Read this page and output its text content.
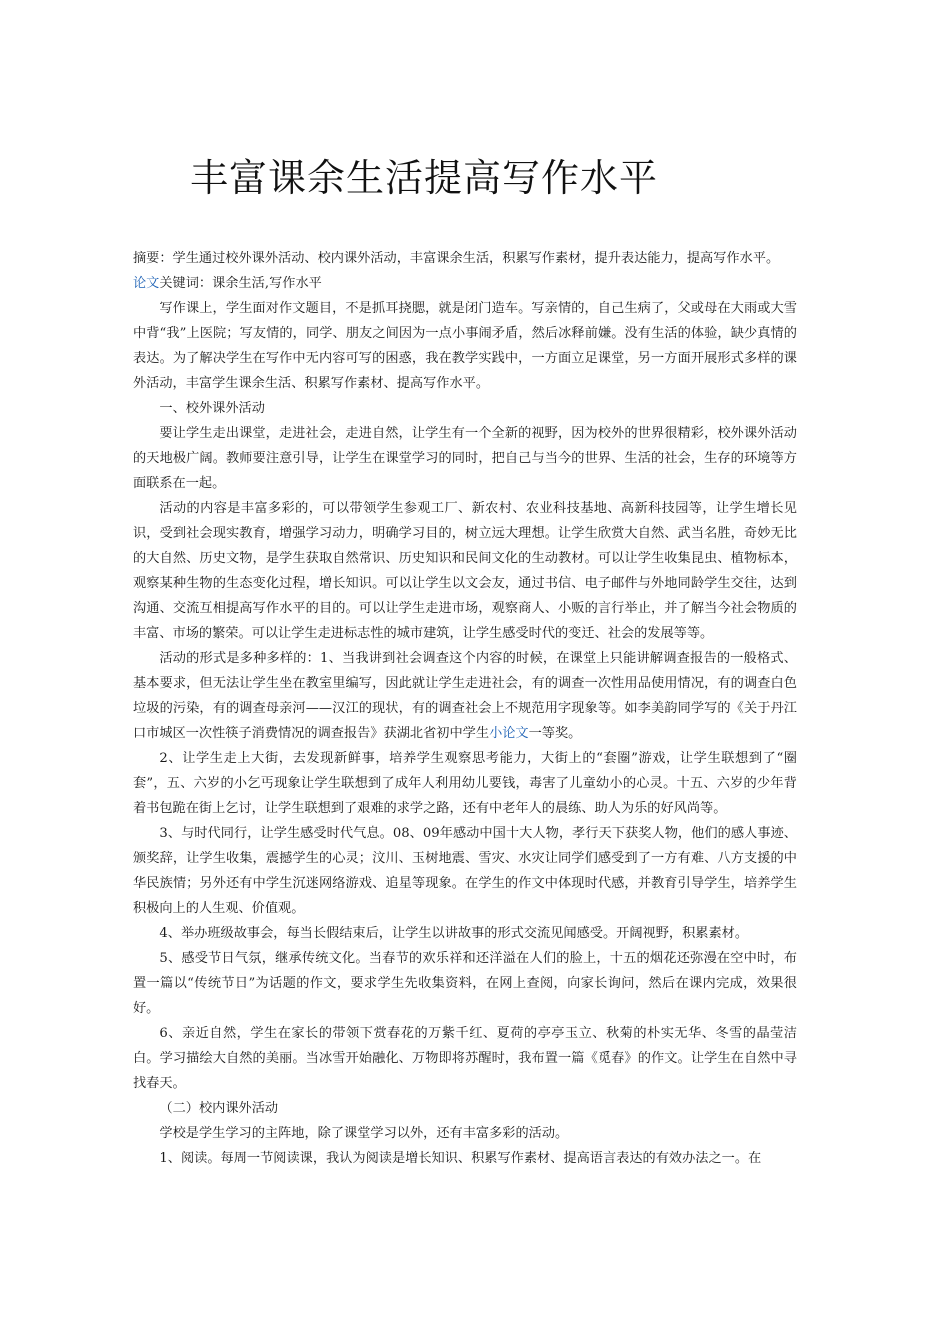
丰富课余生活提高写作水平

摘要：学生通过校外课外活动、校内课外活动，丰富课余生活，积累写作素材，提升表达能力，提高写作水平。

论文关键词：课余生活,写作水平

写作课上，学生面对作文题目，不是抓耳挠腮，就是闭门造车。写亲情的，自己生病了，父或母在大雨或大雪中背“我”上医院；写友情的，同学、朋友之间因为一点小事闹矛盾，然后冰释前嫌。没有生活的体验，缺少真情的表达。为了解决学生在写作中无内容可写的困惑，我在教学实践中，一方面立足课堂，另一方面开展形式多样的课外活动，丰富学生课余生活、积累写作素材、提高写作水平。

一、校外课外活动

要让学生走出课堂，走进社会，走进自然，让学生有一个全新的视野，因为校外的世界很精彩，校外课外活动的天地极广阔。教师要注意引导，让学生在课堂学习的同时，把自己与当今的世界、生活的社会，生存的环境等方面联系在一起。

活动的内容是丰富多彩的，可以带领学生参观工厂、新农村、农业科技基地、高新科技园等，让学生增长见识，受到社会现实教育，增强学习动力，明确学习目的，树立远大理想。让学生欣赏大自然、武当名胜，奇妙无比的大自然、历史文物，是学生获取自然常识、历史知识和民间文化的生动教材。可以让学生收集昆虫、植物标本，观察某种生物的生态变化过程，增长知识。可以让学生以文会友，通过书信、电子邮件与外地同龄学生交往，达到沟通、交流互相提高写作水平的目的。可以让学生走进市场，观察商人、小贩的言行举止，并了解当今社会物质的丰富、市场的繁荣。可以让学生走进标志性的城市建筑，让学生感受时代的变迁、社会的发展等等。

活动的形式是多种多样的：1、当我讲到社会调查这个内容的时候，在课堂上只能讲解调查报告的一般格式、基本要求，但无法让学生坐在教室里编写，因此就让学生走进社会，有的调查一次性用品使用情况，有的调查白色垃圾的污染，有的调查母亲河——汉江的现状，有的调查社会上不规范用字现象等。如李美韵同学写的《关于丹江口市城区一次性筷子消费情况的调查报告》获湖北省初中学生小论文一等奖。

2、让学生走上大街，去发现新鲜事，培养学生观察思考能力，大街上的“套圈”游戏，让学生联想到了“圈套”，五、六岁的小乞丐现象让学生联想到了成年人利用幼儿要钱，毒害了儿童幼小的心灵。十五、六岁的少年背着书包跪在街上乞讨，让学生联想到了艰难的求学之路，还有中老年人的晨练、助人为乐的好风尚等。

3、与时代同行，让学生感受时代气息。08、09年感动中国十大人物，孝行天下获奖人物，他们的感人事迹、颁奖辞，让学生收集，震撼学生的心灵；汶川、玉树地震、雪灾、水灾让同学们感受到了一方有难、八方支援的中华民族情；另外还有中学生沉迷网络游戏、追星等现象。在学生的作文中体现时代感，并教育引导学生，培养学生积极向上的人生观、价值观。

4、举办班级故事会，每当长假结束后，让学生以讲故事的形式交流见闻感受。开阔视野，积累素材。

5、感受节日气氛，继承传统文化。当春节的欢乐祥和还洋溢在人们的脸上，十五的烟花还弥漫在空中时，布置一篇以“传统节日”为话题的作文，要求学生先收集资料，在网上查阅，向家长询问，然后在课内完成，效果很好。

6、亲近自然，学生在家长的带领下赏春花的万紫千红、夏荷的亭亭玉立、秋菊的朴实无华、冬雪的晶莹洁白。学习描绘大自然的美丽。当冰雪开始融化、万物即将苏醒时，我布置一篇《觅春》的作文。让学生在自然中寻找春天。

（二）校内课外活动

学校是学生学习的主阵地，除了课堂学习以外，还有丰富多彩的活动。

1、阅读。每周一节阅读课，我认为阅读是增长知识、积累写作素材、提高语言表达的有效办法之一。在
